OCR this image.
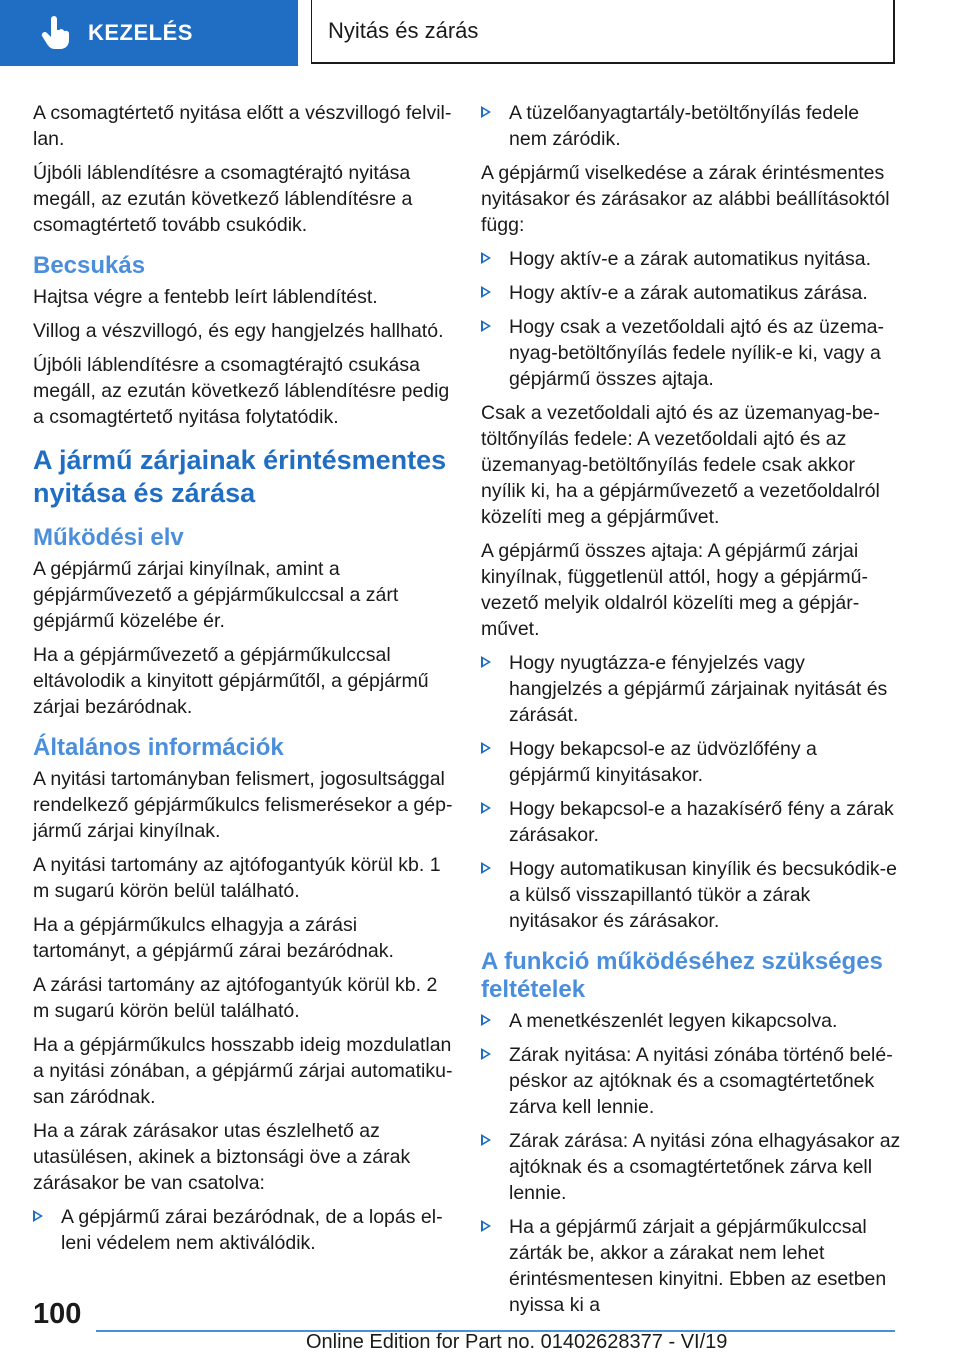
KEZELÉS	Nyitás és zárás

A csomagtértető nyitása előtt a vészvillogó felvillan.

Újbóli láblendítésre a csomagtérajtó nyitása megáll, az ezután következő láblendítésre a csomagtértető tovább csukódik.

Becsukás

Hajtsa végre a fentebb leírt láblendítést.

Villog a vészvillogó, és egy hangjelzés hallható.

Újbóli láblendítésre a csomagtérajtó csukása megáll, az ezután következő láblendítésre pedig a csomagtértető nyitása folytatódik.

A jármű zárjainak érintésmentes nyitása és zárása
Működési elv

A gépjármű zárjai kinyílnak, amint a gépjárművezető a gépjárműkulccsal a zárt gépjármű közelébe ér.

Ha a gépjárművezető a gépjárműkulccsal eltávolodik a kinyitott gépjárműtől, a gépjármű zárjai bezáródnak.

Általános információk

A nyitási tartományban felismert, jogosultsággal rendelkező gépjárműkulcs felismerésekor a gépjármű zárjai kinyílnak.

A nyitási tartomány az ajtófogantyúk körül kb. 1 m sugarú körön belül található.

Ha a gépjárműkulcs elhagyja a zárási tartományt, a gépjármű zárai bezáródnak.

A zárási tartomány az ajtófogantyúk körül kb. 2 m sugarú körön belül található.

Ha a gépjárműkulcs hosszabb ideig mozdulatlan a nyitási zónában, a gépjármű zárjai automatikusan záródnak.

Ha a zárak zárásakor utas észlelhető az utasülésen, akinek a biztonsági öve a zárak zárásakor be van csatolva:

A gépjármű zárai bezáródnak, de a lopás elleni védelem nem aktiválódik.
A tüzelőanyagtartály-betöltőnyílás fedele nem záródik.

A gépjármű viselkedése a zárak érintésmentes nyitásakor és zárásakor az alábbi beállításoktól függ:

Hogy aktív-e a zárak automatikus nyitása.
Hogy aktív-e a zárak automatikus zárása.
Hogy csak a vezetőoldali ajtó és az üzemanyag-betöltőnyílás fedele nyílik-e ki, vagy a gépjármű összes ajtaja.

Csak a vezetőoldali ajtó és az üzemanyag-betöltőnyílás fedele: A vezetőoldali ajtó és az üzemanyag-betöltőnyílás fedele csak akkor nyílik ki, ha a gépjárművezető a vezetőoldalról közelíti meg a gépjárművet.

A gépjármű összes ajtaja: A gépjármű zárjai kinyílnak, függetlenül attól, hogy a gépjárművezető melyik oldalról közelíti meg a gépjárművet.

Hogy nyugtázza-e fényjelzés vagy hangjelzés a gépjármű zárjainak nyitását és zárását.
Hogy bekapcsol-e az üdvözlőfény a gépjármű kinyitásakor.
Hogy bekapcsol-e a hazakísérő fény a zárak zárásakor.
Hogy automatikusan kinyílik és becsukódik-e a külső visszapillantó tükör a zárak nyitásakor és zárásakor.
A funkció működéséhez szükséges feltételek
A menetkészenlét legyen kikapcsolva.
Zárak nyitása: A nyitási zónába történő belépéskor az ajtóknak és a csomagtértetőnek zárva kell lennie.
Zárak zárása: A nyitási zóna elhagyásakor az ajtóknak és a csomagtértetőnek zárva kell lennie.
Ha a gépjármű zárjait a gépjárműkulccsal zárták be, akkor a zárakat nem lehet érintésmentesen kinyitni. Ebben az esetben nyissa ki a
100
Online Edition for Part no. 01402628377 - VI/19
